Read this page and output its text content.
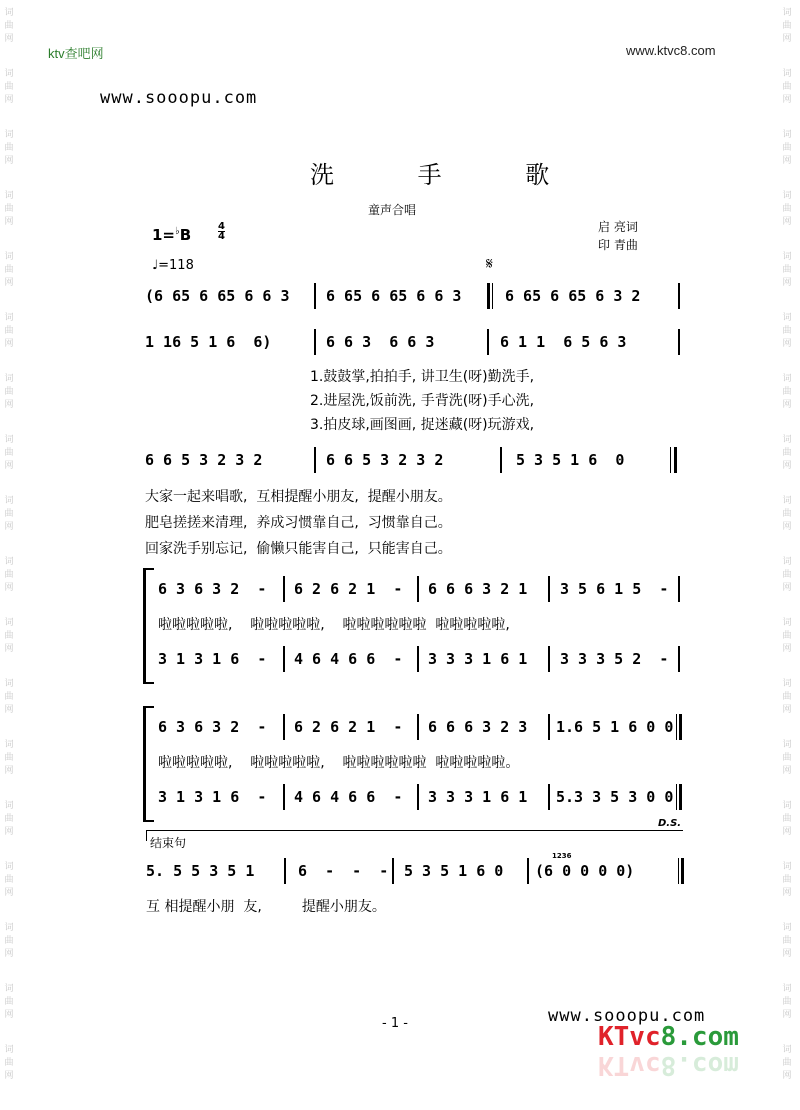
词
曲
网
词
曲
网
词
曲
网
词
曲
网
词
曲
网
词
曲
网
词
曲
网
词
曲
网
词
曲
网
词
曲
网
词
曲
网
词
曲
网
词
曲
网
词
曲
网
词
曲
网
词
曲
网
词
曲
网
词
曲
网
词
曲
网
词
曲
网
词
曲
网
词
曲
网
词
曲
网
词
曲
网
词
曲
网
词
曲
网
词
曲
网
词
曲
网
词
曲
网
词
曲
网
词
曲
网
词
曲
网
词
曲
网
词
曲
网
词
曲
网
词
曲
网
ktv查吧网	www.ktvc8.com
www.sooopu.com
洗 手 歌
童声合唱
启 亮词
印 青曲
1=♭B	4
4
♩=118	𝄋
(6 65 6 65 6 6 3 6 65 6 65 6 6 3	6 65 6 65 6 3 2
1 16 5 1 6  6)	6 6 3  6 6 3	6 1 1  6 5 6 3
1.鼓鼓掌,拍拍手, 讲卫生(呀)勤洗手,
2.进屋洗,饭前洗, 手背洗(呀)手心洗,
3.拍皮球,画图画, 捉迷藏(呀)玩游戏,
6 6 5 3 2 3 2	6 6 5 3 2 3 2	5 3 5 1 6  0
大家一起来唱歌,  互相提醒小朋友,  提醒小朋友。
肥皂搓搓来清理,  养成习惯靠自己,  习惯靠自己。
回家洗手别忘记,  偷懒只能害自己,  只能害自己。
6 3 6 3 2  - 6 2 6 2 1  - 6 6 6 3 2 1 3 5 6 1 5  -
啦啦啦啦啦,    啦啦啦啦啦,    啦啦啦啦啦啦  啦啦啦啦啦,
3 1 3 1 6  - 4 6 4 6 6  - 3 3 3 1 6 1 3 3 3 5 2  -
6 3 6 3 2  - 6 2 6 2 1  - 6 6 6 3 2 3 1.6 5 1 6 0 0
啦啦啦啦啦,    啦啦啦啦啦,    啦啦啦啦啦啦  啦啦啦啦啦。
3 1 3 1 6  - 4 6 4 6 6  - 3 3 3 1 6 1 5.3 3 5 3 0 0
D.S.
结束句
5. 5 5 3 5 1	6  -  -  - 5 3 5 1 6 0
1236
(6 0 0 0 0)
互 相提醒小朋  友,         提醒小朋友。
- 1 -	www.sooopu.com
KTvc8.com
KTvc8.com
